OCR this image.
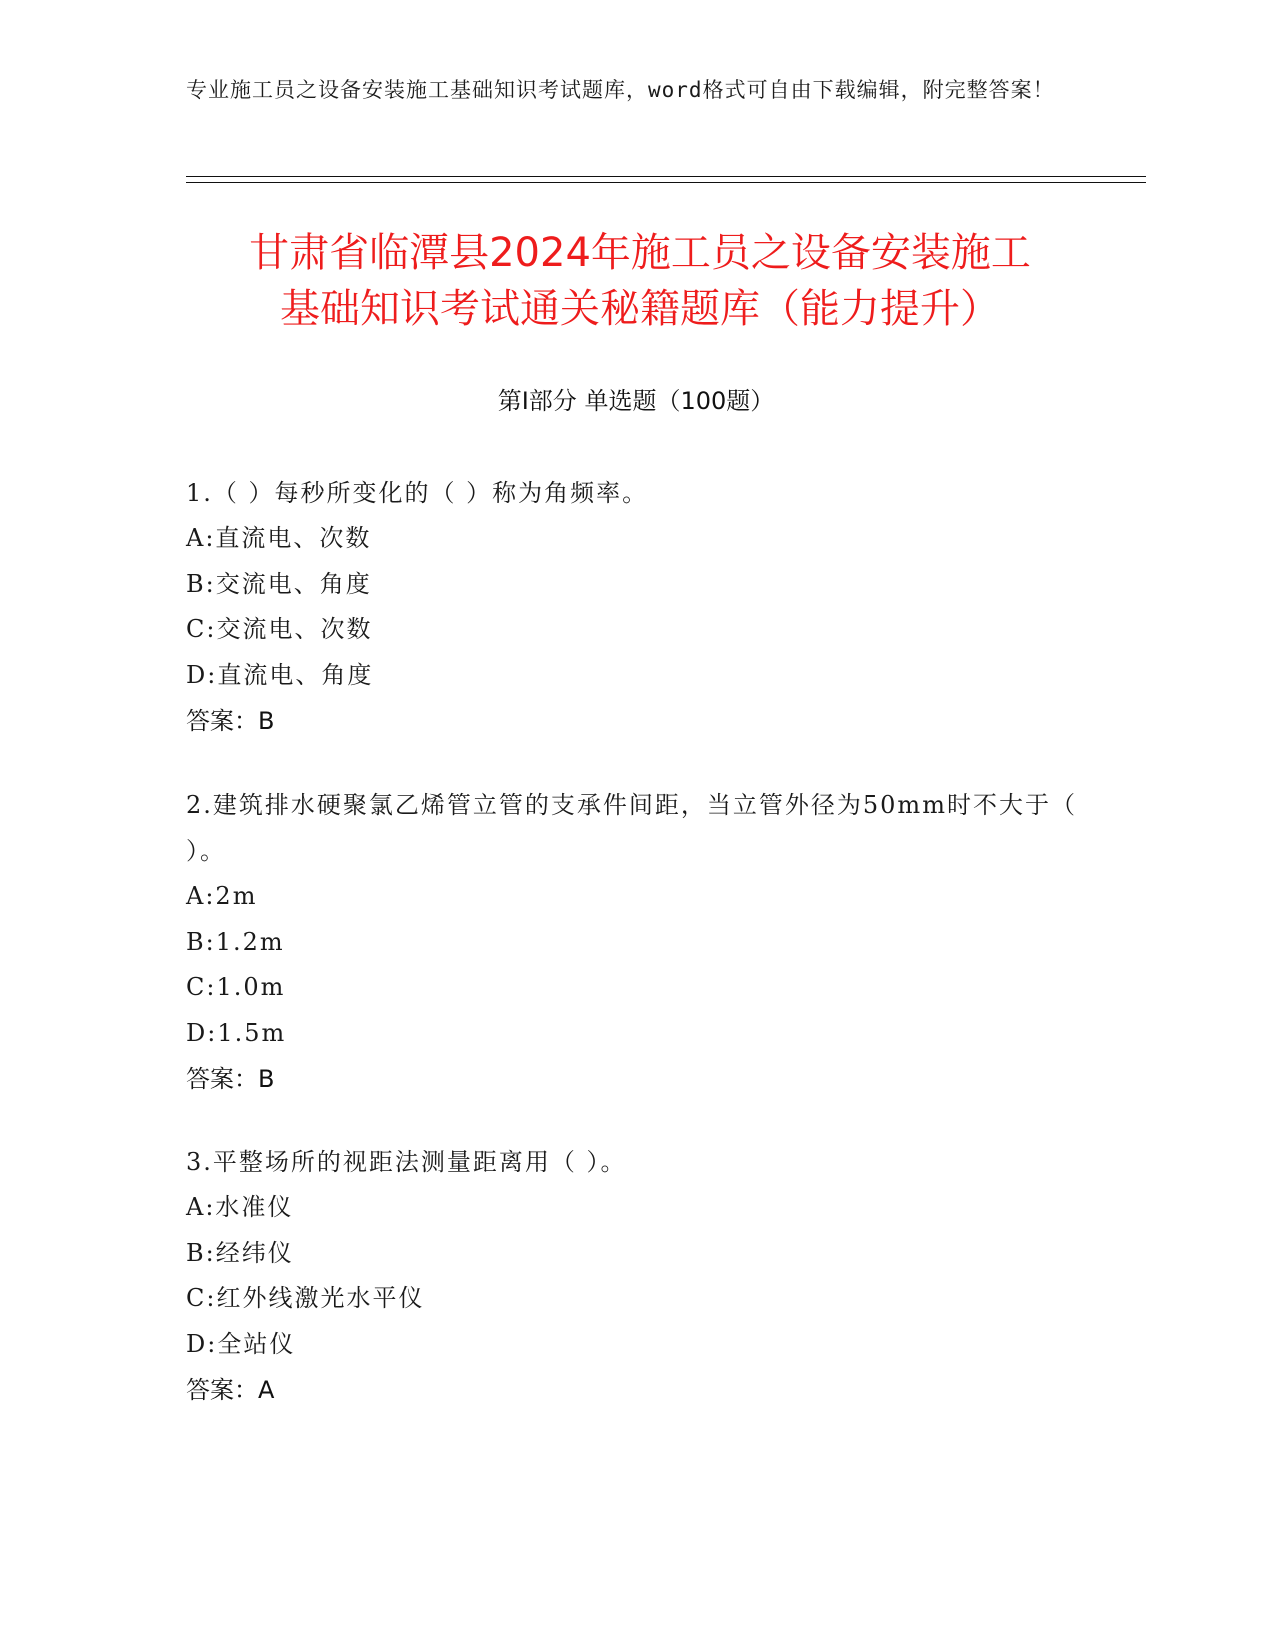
专业施工员之设备安装施工基础知识考试题库，word格式可自由下载编辑，附完整答案！
甘肃省临潭县2024年施工员之设备安装施工
基础知识考试通关秘籍题库（能力提升）
第Ⅰ部分 单选题（100题）
1.（ ）每秒所变化的（ ）称为角频率。
A:直流电、次数
B:交流电、角度
C:交流电、次数
D:直流电、角度
答案：B
2.建筑排水硬聚氯乙烯管立管的支承件间距，当立管外径为50mm时不大于（ ）。
A:2m
B:1.2m
C:1.0m
D:1.5m
答案：B
3.平整场所的视距法测量距离用（ ）。
A:水准仪
B:经纬仪
C:红外线激光水平仪
D:全站仪
答案：A
